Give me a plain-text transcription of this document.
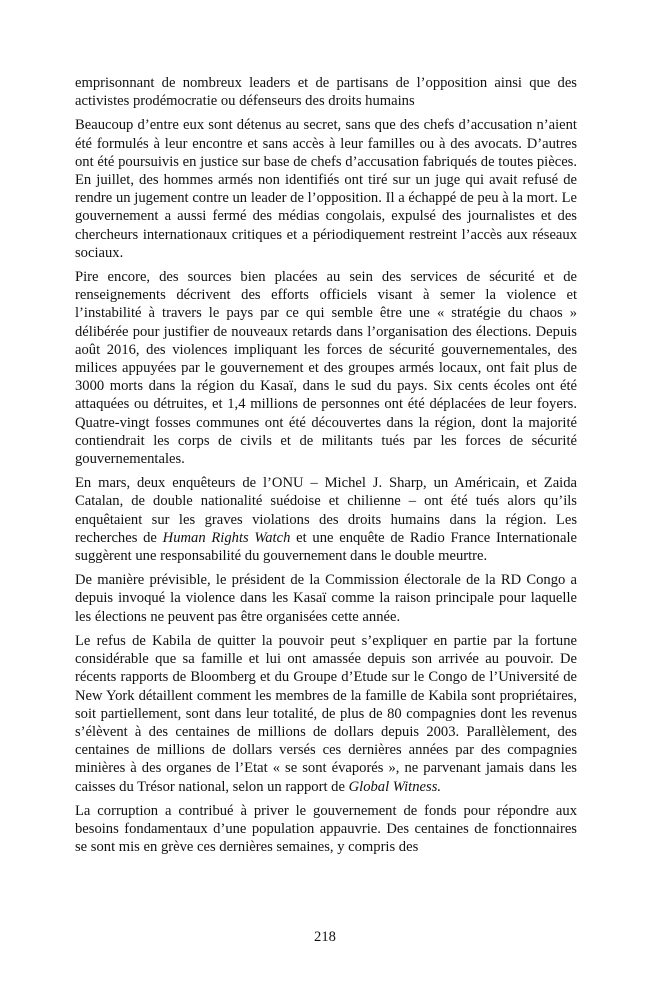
emprisonnant de nombreux leaders et de partisans de l’opposition ainsi que des activistes prodémocratie ou défenseurs des droits humains

Beaucoup d’entre eux sont détenus au secret, sans que des chefs d’accusation n’aient été formulés à leur encontre et sans accès à leur familles ou à des avocats. D’autres ont été poursuivis en justice sur base de chefs d’accusation fabriqués de toutes pièces. En juillet, des hommes armés non identifiés ont tiré sur un juge qui avait refusé de rendre un jugement contre un leader de l’opposition. Il a échappé de peu à la mort. Le gouvernement a aussi fermé des médias congolais, expulsé des journalistes et des chercheurs internationaux critiques et a périodiquement restreint l’accès aux réseaux sociaux.

Pire encore, des sources bien placées au sein des services de sécurité et de renseignements décrivent des efforts officiels visant à semer la violence et l’instabilité à travers le pays par ce qui semble être une « stratégie du chaos » délibérée pour justifier de nouveaux retards dans l’organisation des élections. Depuis août 2016, des violences impliquant les forces de sécurité gouvernementales, des milices appuyées par le gouvernement et des groupes armés locaux, ont fait plus de 3000 morts dans la région du Kasaï, dans le sud du pays. Six cents écoles ont été attaquées ou détruites, et 1,4 millions de personnes ont été déplacées de leur foyers. Quatre-vingt fosses communes ont été découvertes dans la région, dont la majorité contiendrait les corps de civils et de militants tués par les forces de sécurité gouvernementales.

En mars, deux enquêteurs de l’ONU – Michel J. Sharp, un Américain, et Zaida Catalan, de double nationalité suédoise et chilienne – ont été tués alors qu’ils enquêtaient sur les graves violations des droits humains dans la région. Les recherches de Human Rights Watch et une enquête de Radio France Internationale suggèrent une responsabilité du gouvernement dans le double meurtre.

De manière prévisible, le président de la Commission électorale de la RD Congo a depuis invoqué la violence dans les Kasaï comme la raison principale pour laquelle les élections ne peuvent pas être organisées cette année.

Le refus de Kabila de quitter la pouvoir peut s’expliquer en partie par la fortune considérable que sa famille et lui ont amassée depuis son arrivée au pouvoir. De récents rapports de Bloomberg et du Groupe d’Etude sur le Congo de l’Université de New York détaillent comment les membres de la famille de Kabila sont propriétaires, soit partiellement, sont dans leur totalité, de plus de 80 compagnies dont les revenus s’élèvent à des centaines de millions de dollars depuis 2003. Parallèlement, des centaines de millions de dollars versés ces dernières années par des compagnies minières à des organes de l’Etat « se sont évaporés », ne parvenant jamais dans les caisses du Trésor national, selon un rapport de Global Witness.

La corruption a contribué à priver le gouvernement de fonds pour répondre aux besoins fondamentaux d’une population appauvrie. Des centaines de fonctionnaires se sont mis en grève ces dernières semaines, y compris des

218
